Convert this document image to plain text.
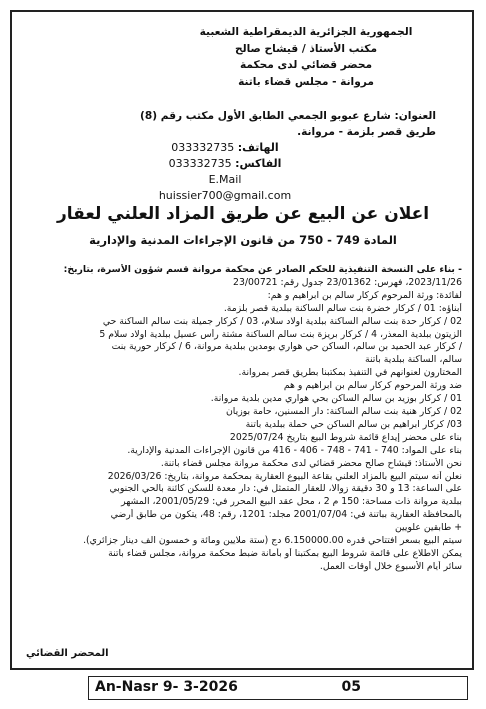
الجمهورية الجزائرية الديمقراطية الشعبية
مكتب الأستاذ / قيشاح صالح
محضر قضائي لدى محكمة
مروانة - مجلس قضاء باتنة
العنوان: شارع عبوبو الجمعي الطابق الأول مكتب رقم (8)
طريق قصر بلزمة - مروانة.
الهاتف: 033332735
الفاكس: 033332735
E.Mail
huissier700@gmail.com
اعلان عن البيع عن طريق المزاد العلني لعقار
المادة 749 - 750 من قانون الإجراءات المدنية والإدارية
- بناء على النسخة التنفيذية للحكم الصادر عن محكمة مروانة قسم شؤون الأسرة، بتاريخ:
2023/11/26، فهرس: 23/01362 جدول رقم: 23/00721
لفائدة: ورثة المرحوم كركار سالم بن ابراهيم و هم:
أبناؤه: 01 / كركار خضرة بنت سالم الساكنة ببلدية قصر بلزمة.
02 / كركار حدة بنت سالم الساكنة ببلدية اولاد سلام، 03 / كركار جميلة بنت سالم الساكنة حي
الزيتون ببلدية المعذر، 4 / كركار بريزة بنت سالم الساكنة مشتة رأس عسيل ببلدية اولاد سلام 5
/ كركار عبد الحميد بن سالم، الساكن حي هواري بومدين ببلدية مروانة، 6 / كركار حورية بنت
سالم، الساكنة ببلدية باتنة
المختارون لعنوانهم في التنفيذ بمكتبنا بطريق قصر بمروانة.
ضد ورثة المرحوم كركار سالم بن ابراهيم و هم
01 / كركار بوزيد بن سالم الساكن بحي هواري مدين بلدية مروانة.
02 / كركار هنية بنت سالم الساكنة: دار المسنين، حامة بوزيان
03/ كركار ابراهيم بن سالم الساكن حي حملة ببلدية باتنة
بناء على محضر إيداع قائمة شروط البيع بتاريخ 2025/07/24
بناء على المواد: 740 - 741 - 748 - 406 - 416 من قانون الإجراءات المدنية والإدارية.
نحن الأستاذ: قيشاح صالح محضر قضائي لدى محكمة مروانة مجلس قضاء باتنة.
نعلن أنه سيتم البيع بالمزاد العلني بقاعة البيوع العقارية بمحكمة مروانة، بتاريخ: 2026/03/26
على الساعة: 13 و 30 دقيقة زوالا، للعقار المتمثل في: دار معدة للسكن كائنة بالحي الجنوبي
ببلدية مروانة ذات مساحة: 150 م 2 ، محل عقد البيع المحرر في: 2001/05/29، المشهر
بالمحافظة العقارية بباتنة في: 2001/07/04 مجلد: 1201، رقم: 48، يتكون من طابق أرضي
+ طابقين علويين
سيتم البيع بسعر افتتاحي قدره 6.150000.00 دج (ستة ملايين ومائة و خمسون الف دينار جزائري).
يمكن الاطلاع على قائمة شروط البيع بمكتبنا أو بأمانة ضبط محكمة مروانة، مجلس قضاء باتنة
سائر أيام الأسبوع خلال أوقات العمل.
المحضر القضائي
An-Nasr 9- 3-2026	05
